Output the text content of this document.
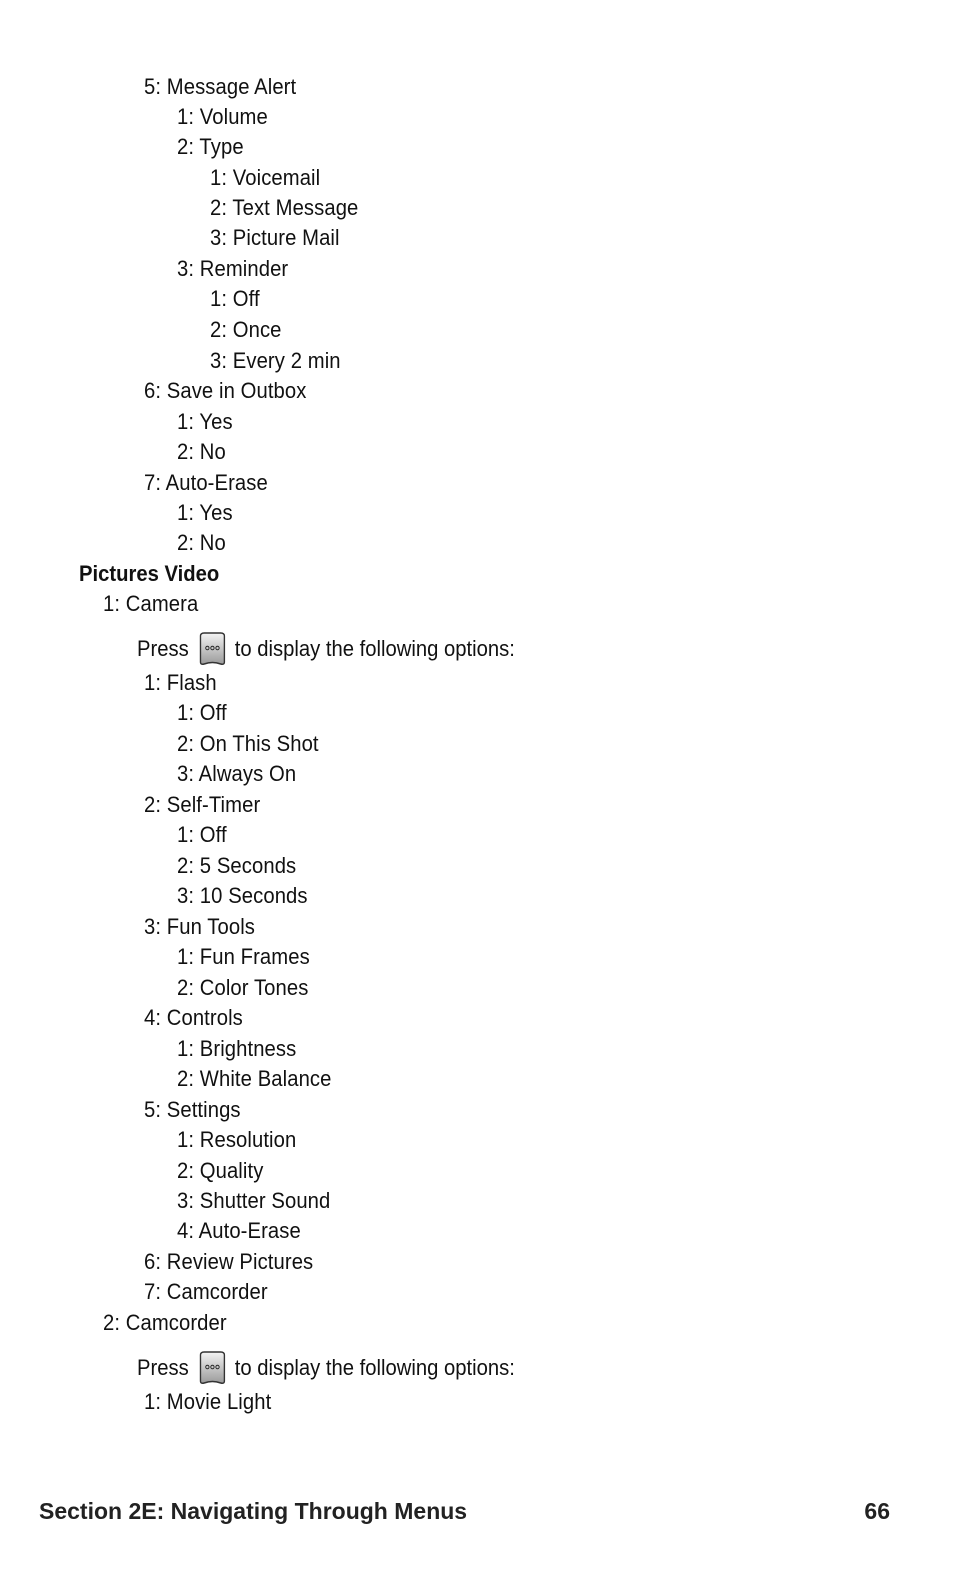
5: Message Alert
1: Volume
2: Type
1: Voicemail
2: Text Message
3: Picture Mail
3: Reminder
1: Off
2: Once
3: Every 2 min
6: Save in Outbox
1: Yes
2: No
7: Auto-Erase
1: Yes
2: No
1: Camera
1: Flash
1: Off
2: On This Shot
3: Always On
2: Self-Timer
1: Off
2: 5 Seconds
3: 10 Seconds
3: Fun Tools
1: Fun Frames
2: Color Tones
4: Controls
1: Brightness
2: White Balance
5: Settings
1: Resolution
2: Quality
3: Shutter Sound
4: Auto-Erase
6: Review Pictures
7: Camcorder
2: Camcorder
1: Movie Light
Pictures Video
Press to display the following options:
Press to display the following options:
Section 2E: Navigating Through Menus	66
